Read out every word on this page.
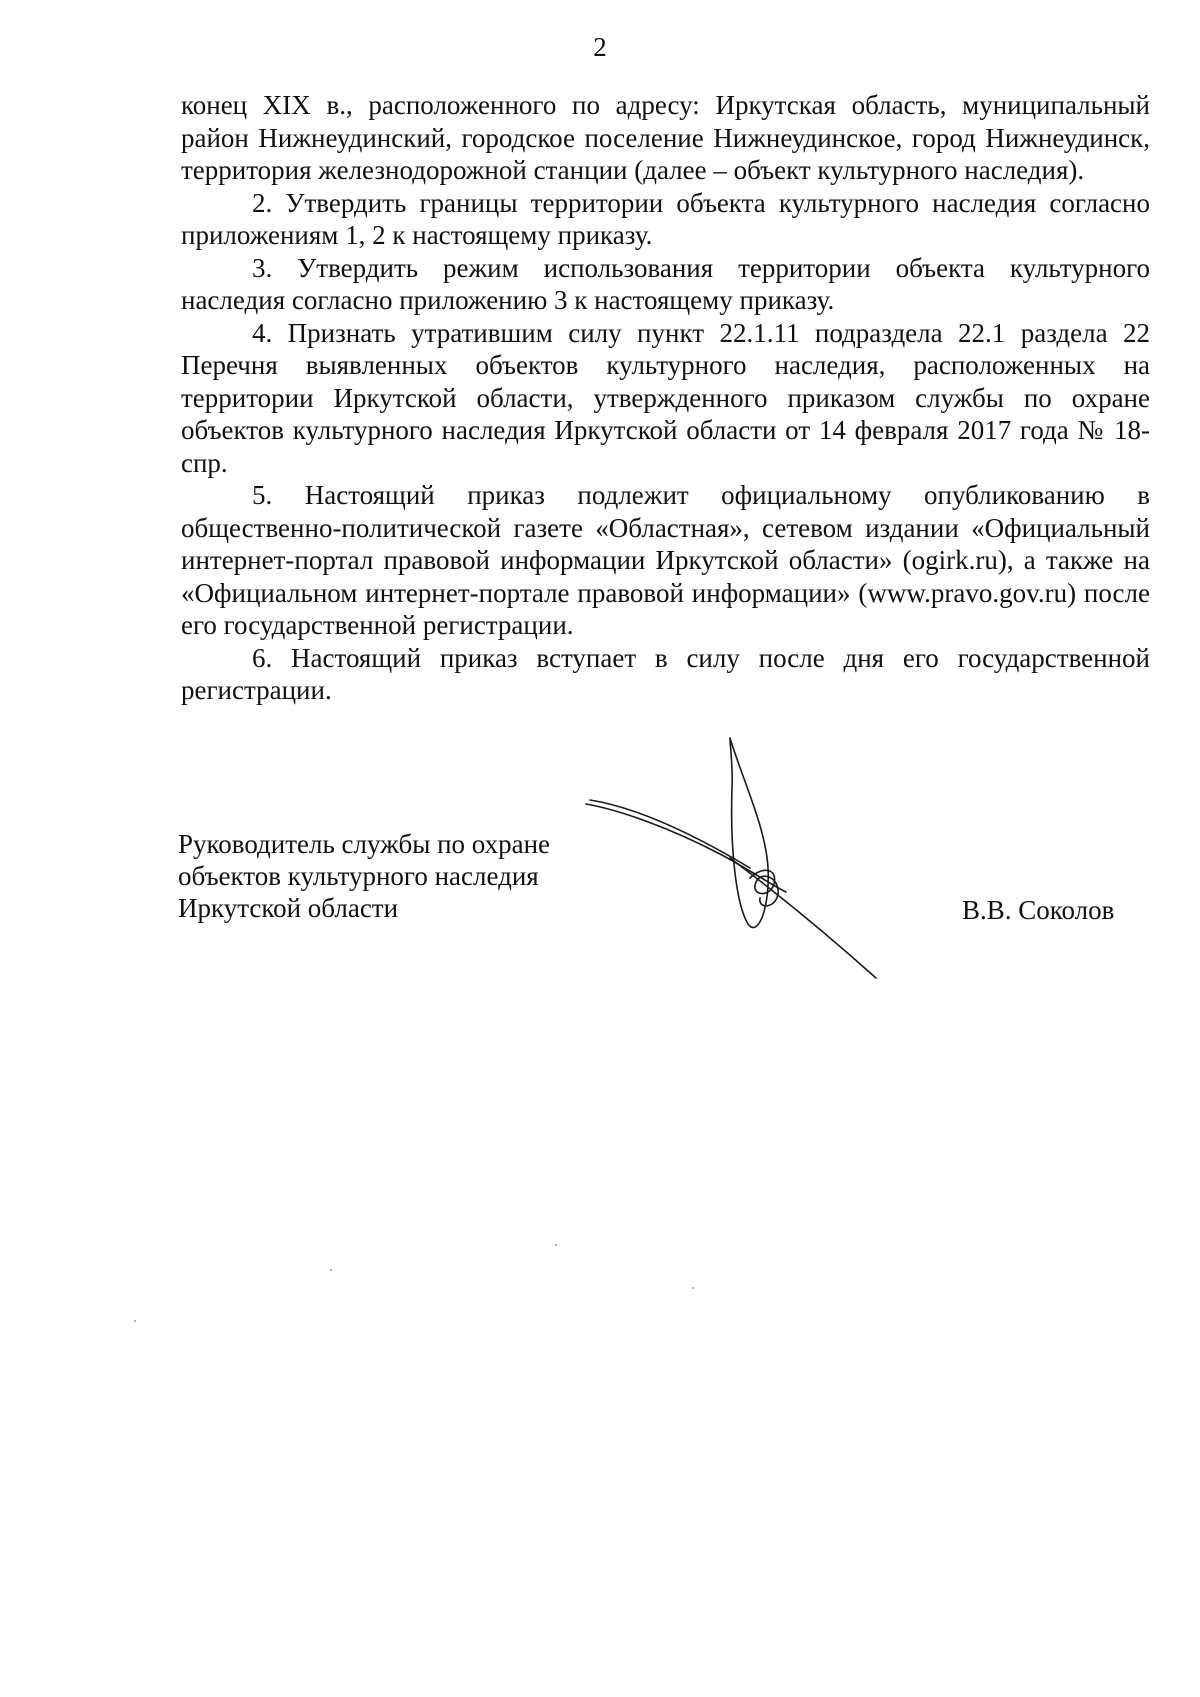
2

конец XIX в., расположенного по адресу: Иркутская область, муниципальный район Нижнеудинский, городское поселение Нижнеудинское, город Нижнеудинск, территория железнодорожной станции (далее – объект культурного наследия).

2. Утвердить границы территории объекта культурного наследия согласно приложениям 1, 2 к настоящему приказу.

3. Утвердить режим использования территории объекта культурного наследия согласно приложению 3 к настоящему приказу.

4. Признать утратившим силу пункт 22.1.11 подраздела 22.1 раздела 22 Перечня выявленных объектов культурного наследия, расположенных на территории Иркутской области, утвержденного приказом службы по охране объектов культурного наследия Иркутской области от 14 февраля 2017 года № 18-спр.

5. Настоящий приказ подлежит официальному опубликованию в общественно-политической газете «Областная», сетевом издании «Официальный интернет-портал правовой информации Иркутской области» (ogirk.ru), а также на «Официальном интернет-портале правовой информации» (www.pravo.gov.ru) после его государственной регистрации.

6. Настоящий приказ вступает в силу после дня его государственной регистрации.

Руководитель службы по охране
объектов культурного наследия
Иркутской области	В.В. Соколов
